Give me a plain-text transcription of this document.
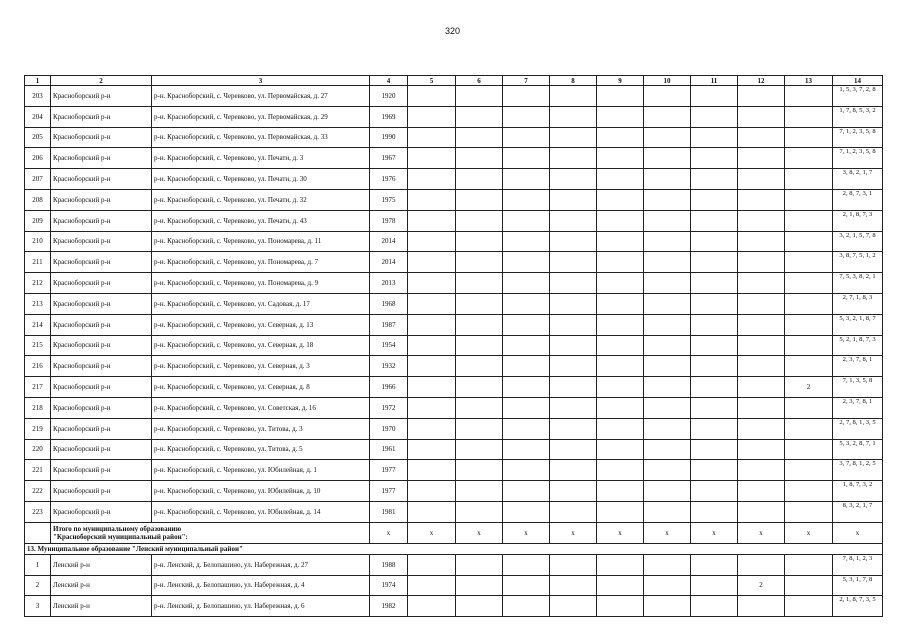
320
1	2	3	4	5	6	7	8	9	10	11	12	13	14
203	Красноборский р-н	р-н. Красноборский, с. Черевково, ул. Первомайская, д. 27	1920										1, 5, 3, 7, 2, 8
204	Красноборский р-н	р-н. Красноборский, с. Черевково, ул. Первомайская, д. 29	1969										1, 7, 8, 5, 3, 2
205	Красноборский р-н	р-н. Красноборский, с. Черевково, ул. Первомайская, д. 33	1990										7, 1, 2, 3, 5, 8
206	Красноборский р-н	р-н. Красноборский, с. Черевково, ул. Печати, д. 3	1967										7, 1, 2, 3, 5, 8
207	Красноборский р-н	р-н. Красноборский, с. Черевково, ул. Печати, д. 30	1976										3, 8, 2, 1, 7
208	Красноборский р-н	р-н. Красноборский, с. Черевково, ул. Печати, д. 32	1975										2, 8, 7, 3, 1
209	Красноборский р-н	р-н. Красноборский, с. Черевково, ул. Печати, д. 43	1978										2, 1, 8, 7, 3
210	Красноборский р-н	р-н. Красноборский, с. Черевково, ул. Пономарева, д. 11	2014										3, 2, 1, 5, 7, 8
211	Красноборский р-н	р-н. Красноборский, с. Черевково, ул. Пономарева, д. 7	2014										3, 8, 7, 5, 1, 2
212	Красноборский р-н	р-н. Красноборский, с. Черевково, ул. Пономарева, д. 9	2013										7, 5, 3, 8, 2, 1
213	Красноборский р-н	р-н. Красноборский, с. Черевково, ул. Садовая, д. 17	1968										2, 7, 1, 8, 3
214	Красноборский р-н	р-н. Красноборский, с. Черевково, ул. Северная, д. 13	1987										5, 3, 2, 1, 8, 7
215	Красноборский р-н	р-н. Красноборский, с. Черевково, ул. Северная, д. 18	1954										5, 2, 1, 8, 7, 3
216	Красноборский р-н	р-н. Красноборский, с. Черевково, ул. Северная, д. 3	1932										2, 3, 7, 8, 1
217	Красноборский р-н	р-н. Красноборский, с. Черевково, ул. Северная, д. 8	1966									2	7, 1, 3, 5, 8
218	Красноборский р-н	р-н. Красноборский, с. Черевково, ул. Советская, д. 16	1972										2, 3, 7, 8, 1
219	Красноборский р-н	р-н. Красноборский, с. Черевково, ул. Титова, д. 3	1970										2, 7, 8, 1, 3, 5
220	Красноборский р-н	р-н. Красноборский, с. Черевково, ул. Титова, д. 5	1961										5, 3, 2, 8, 7, 1
221	Красноборский р-н	р-н. Красноборский, с. Черевково, ул. Юбилейная, д. 1	1977										3, 7, 8, 1, 2, 5
222	Красноборский р-н	р-н. Красноборский, с. Черевково, ул. Юбилейная, д. 10	1977										1, 8, 7, 3, 2
223	Красноборский р-н	р-н. Красноборский, с. Черевково, ул. Юбилейная, д. 14	1981										8, 3, 2, 1, 7

	Итого по муниципальному образованию
"Красноборский муниципальный район":		x	x	x	x	x	x	x	x	x	x	x
13. Муниципальное образование "Ленский муниципальный район"													
1	Ленский р-н	р-н. Ленский, д. Белопашино, ул. Набережная, д. 27	1988										7, 8, 1, 2, 3
2	Ленский р-н	р-н. Ленский, д. Белопашино, ул. Набережная, д. 4	1974								2		5, 3, 1, 7, 8
3	Ленский р-н	р-н. Ленский, д. Белопашино, ул. Набережная, д. 6	1982										2, 1, 8, 7, 3, 5
